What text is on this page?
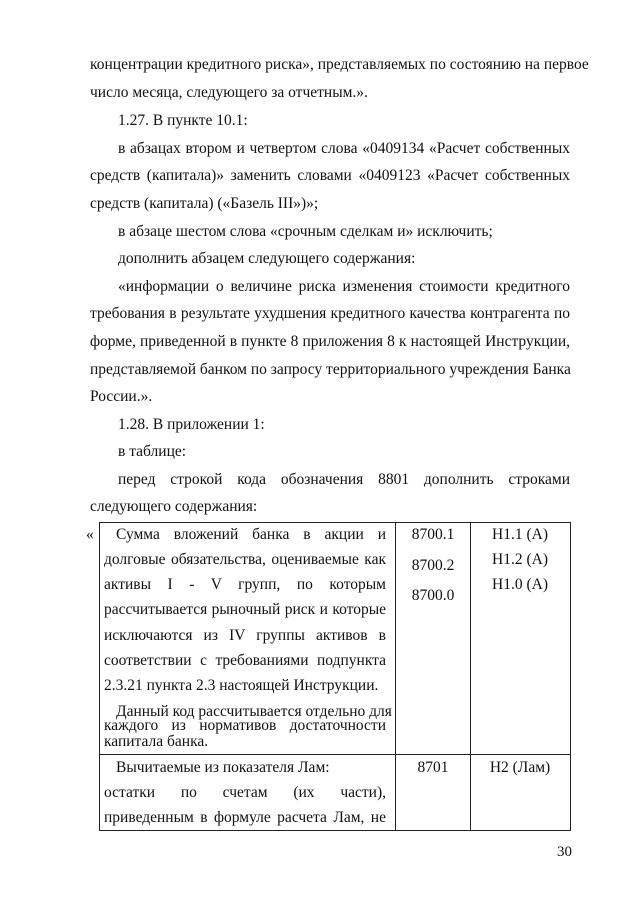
концентрации кредитного риска», представляемых по состоянию на первое
число месяца, следующего за отчетным.».
1.27. В пункте 10.1:
в абзацах втором и четвертом слова «0409134 «Расчет собственных
средств (капитала)» заменить словами «0409123 «Расчет собственных
средств (капитала) («Базель III»)»;
в абзаце шестом слова «срочным сделкам и» исключить;
дополнить абзацем следующего содержания:
«информации о величине риска изменения стоимости кредитного
требования в результате ухудшения кредитного качества контрагента по
форме, приведенной в пункте 8 приложения 8 к настоящей Инструкции,
представляемой банком по запросу территориального учреждения Банка
России.».
1.28. В приложении 1:
в таблице:
перед строкой кода обозначения 8801 дополнить строками
следующего содержания:
« Сумма вложений банка в акции и
долговые обязательства, оцениваемые как
активы I - V групп, по которым
рассчитывается рыночный риск и которые
исключаются из IV группы активов в
соответствии с требованиями подпункта
2.3.21 пункта 2.3 настоящей Инструкции.
Данный код рассчитывается отдельно для
каждого из нормативов достаточности
капитала банка.
8700.1
8700.2
8700.0
Н1.1 (А)
Н1.2 (А)
Н1.0 (А)
Вычитаемые из показателя Лам:
остатки по счетам (их части),
приведенным в формуле расчета Лам, не
8701	Н2 (Лам)
30
